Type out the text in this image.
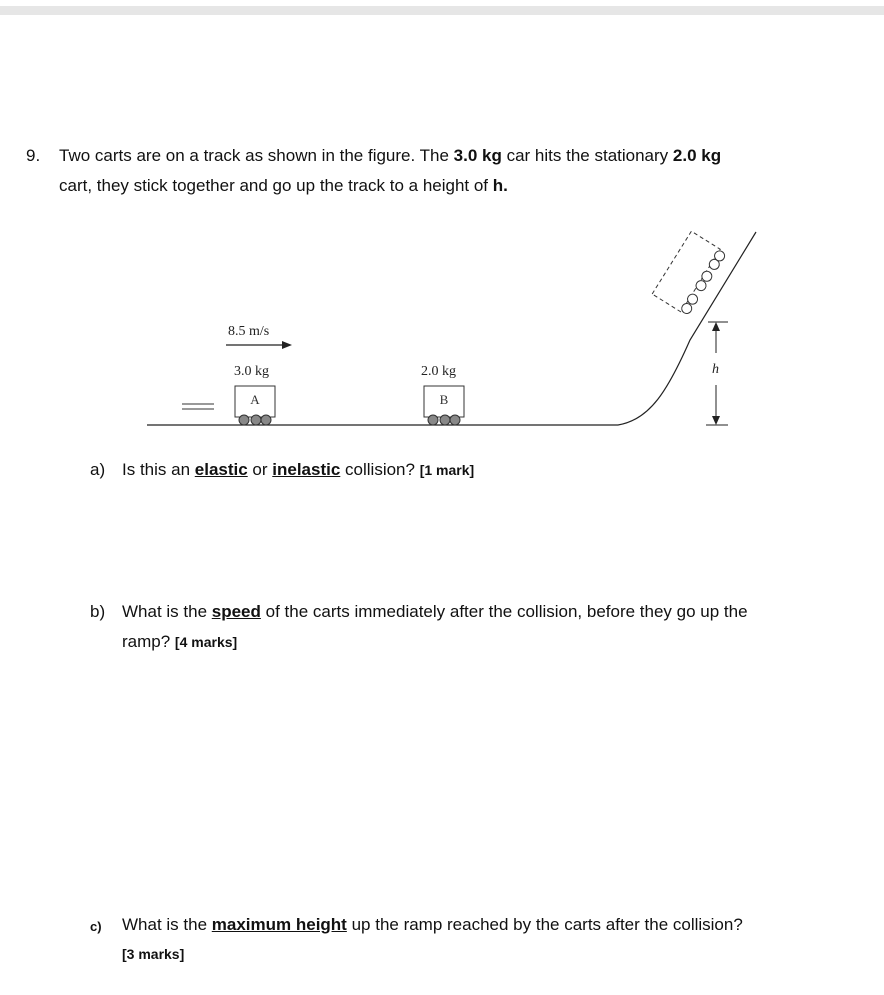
9. Two carts are on a track as shown in the figure. The 3.0 kg car hits the stationary 2.0 kg
cart, they stick together and go up the track to a height of h.
8.5 m/s
3.0 kg
A
2.0 kg
B
h
a) Is this an elastic or inelastic collision? [1 mark]
b) What is the speed of the carts immediately after the collision, before they go up the
ramp? [4 marks]
c) What is the maximum height up the ramp reached by the carts after the collision?
[3 marks]
